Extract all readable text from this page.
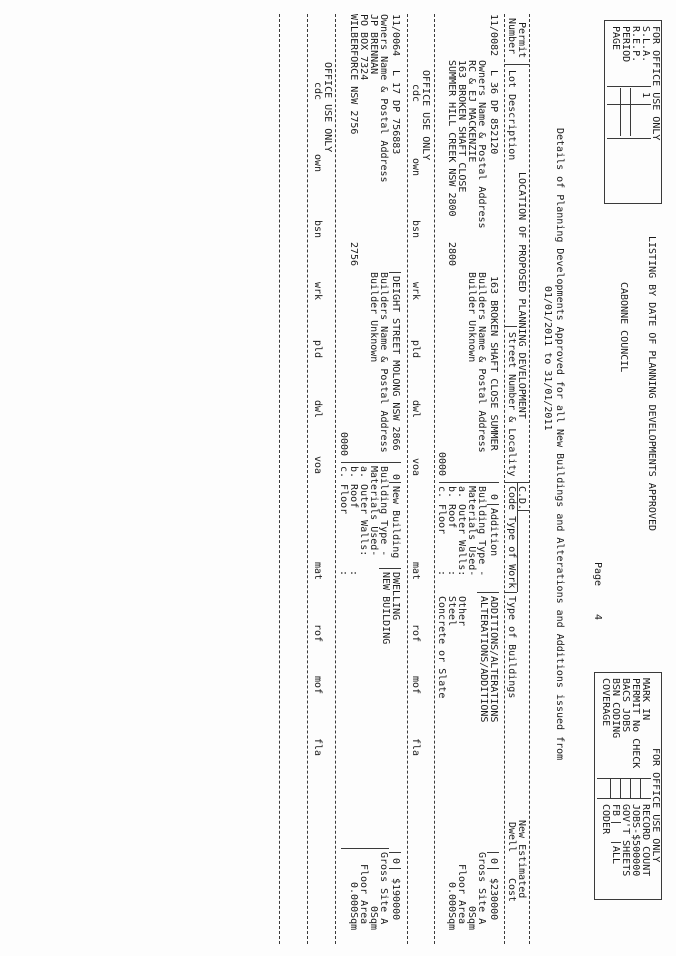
FOR OFFICE USE ONLY
S.L.A.
R.E.P.
PERIOD
PAGE
1
LISTING BY DATE OF PLANNING DEVELOPMENTS APPROVED
CABONNE COUNCIL
Page
4
Details of Planning Developments Approved for all New Buildings and Alterations and Additions issued from
01/01/2011 to 31/01/2011
FOR OFFICE USE ONLY
MARK IN
PERMIT No CHECK
BACS JOBS
BSN CODING
COVERAGE
RECORD COUNT
JOBS-$500000
GOV'T SHEETS
FB
ALL
CODER
Permit
Number
Lot Description
LOCATION OF PROPOSED PLANNING DEVELOPMENT
Street Number & Locality
C.D.
Code Type of Work
Type of Buildings
New Estimated
Dwell
Cost
11/0082
L 36 DP 852120
163 BROKEN SHAFT CLOSE SUMMER
0
Addition
ADDITIONS/ALTERATIONS
ALTERATIONS/ADDITIONS
0
$230000
Owners Name & Postal Address
Builders Name & Postal Address
Building Type -
Gross Site A
RC & EJ MACKENZIE
Builder Unknown
Materials Used-
0Sqm
163 BROKEN SHAFT CLOSE
a. Outer Walls:
Other
Floor Area
SUMMER HILL CREEK NSW 2800
2800
b. Roof
:
Steel
0.000Sqm
0000
c. Floor
:
Concrete or Slate
OFFICE USE ONLY
cdc
own
bsn
wrk
pld
dwl
voa
mat
rof
mof
fla
11/0064
L 17 DP 756883
DEIGHT STREET MOLONG NSW 2866
0
New Building
DWELLING
NEW BUILDING
0
$190000
Owners Name & Postal Address
Builders Name & Postal Address
Building Type -
Gross Site A
JP BRENNAN
Builder Unknown
Materials Used-
0Sqm
PO BOX 7324
a. Outer Walls:
Floor Area
WILBERFORCE NSW 2756
2756
b. Roof
:
0.000Sqm
0000
c. Floor
:
OFFICE USE ONLY
cdc
own
bsn
wrk
pld
dwl
voa
mat
rof
mof
fla
